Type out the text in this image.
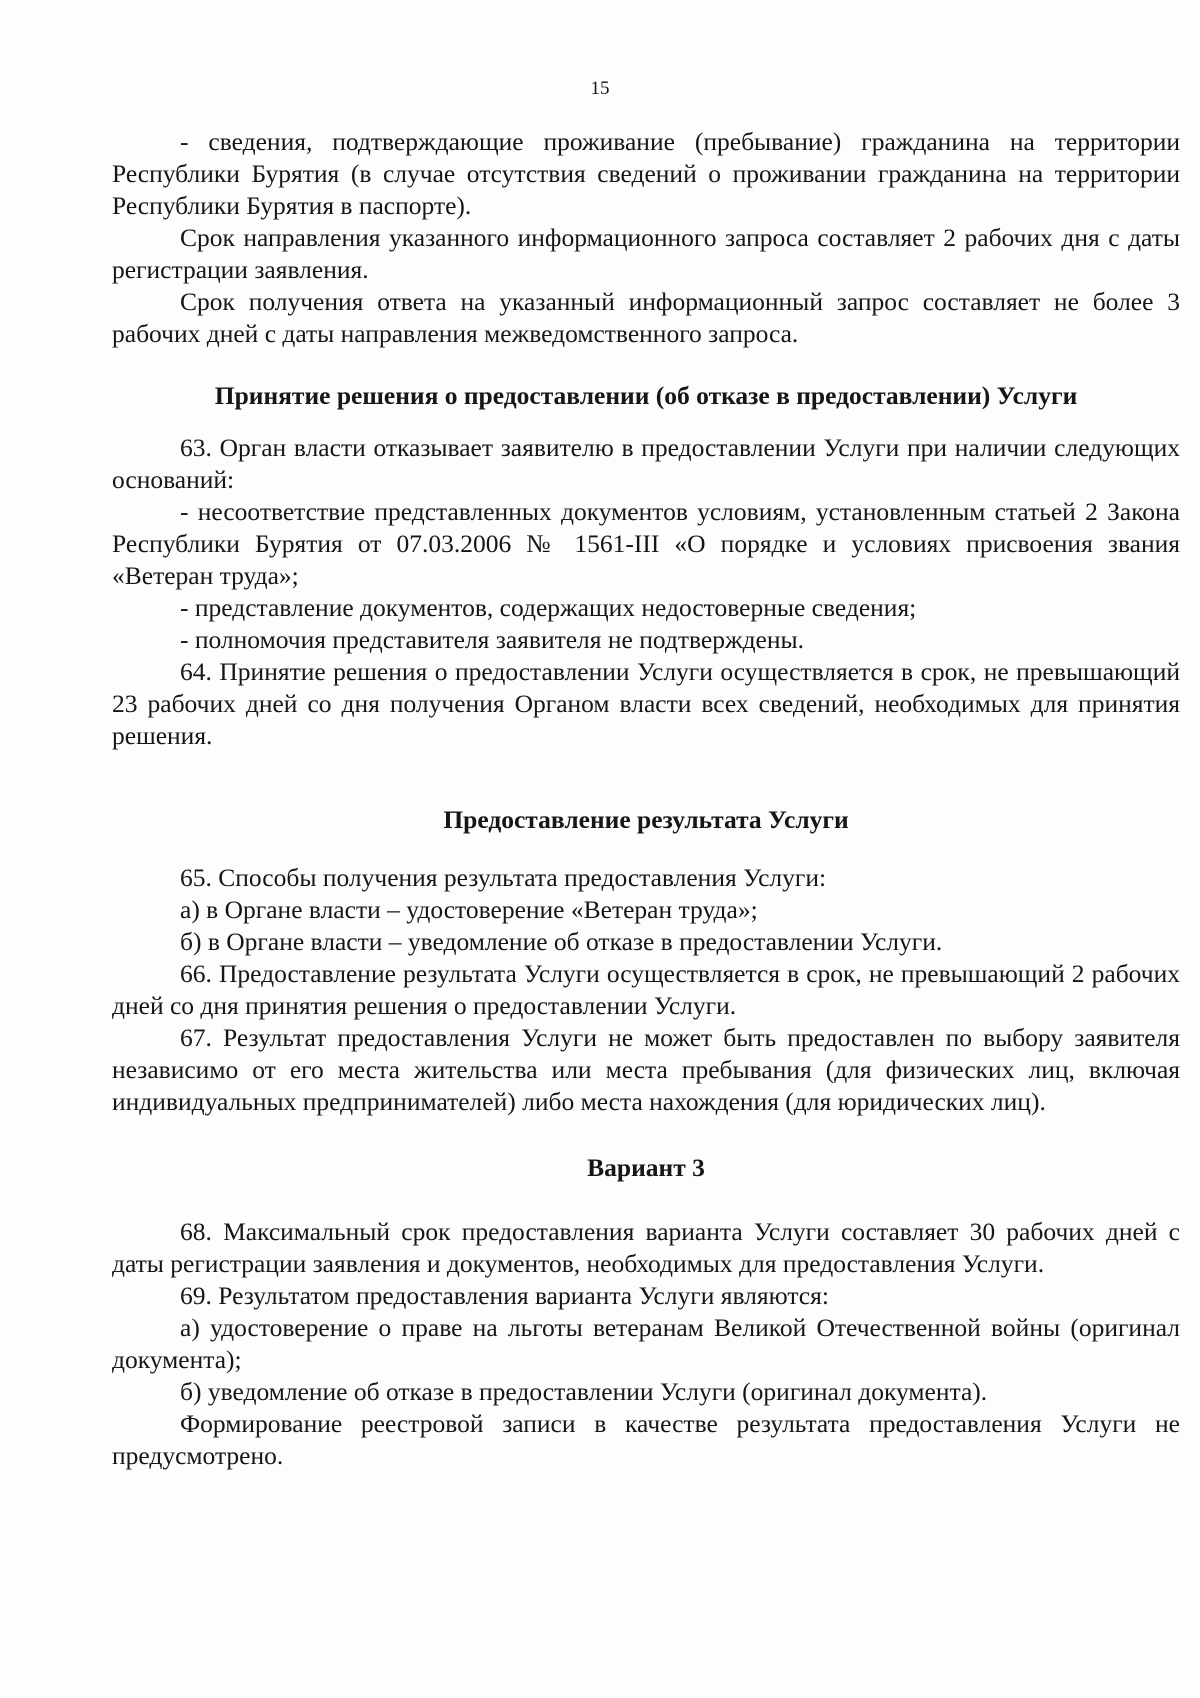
15

- сведения, подтверждающие проживание (пребывание) гражданина на территории Республики Бурятия (в случае отсутствия сведений о проживании гражданина на территории Республики Бурятия в паспорте).

Срок направления указанного информационного запроса составляет 2 рабочих дня с даты регистрации заявления.

Срок получения ответа на указанный информационный запрос составляет не более 3 рабочих дней с даты направления межведомственного запроса.

Принятие решения о предоставлении (об отказе в предоставлении) Услуги

63. Орган власти отказывает заявителю в предоставлении Услуги при наличии следующих оснований:

- несоответствие представленных документов условиям, установленным статьей 2 Закона Республики Бурятия от 07.03.2006 № 1561-III «О порядке и условиях присвоения звания «Ветеран труда»;

- представление документов, содержащих недостоверные сведения;

- полномочия представителя заявителя не подтверждены.

64. Принятие решения о предоставлении Услуги осуществляется в срок, не превышающий 23 рабочих дней со дня получения Органом власти всех сведений, необходимых для принятия решения.

Предоставление результата Услуги

65. Способы получения результата предоставления Услуги:

а) в Органе власти – удостоверение «Ветеран труда»;

б) в Органе власти – уведомление об отказе в предоставлении Услуги.

66. Предоставление результата Услуги осуществляется в срок, не превышающий 2 рабочих дней со дня принятия решения о предоставлении Услуги.

67. Результат предоставления Услуги не может быть предоставлен по выбору заявителя независимо от его места жительства или места пребывания (для физических лиц, включая индивидуальных предпринимателей) либо места нахождения (для юридических лиц).

Вариант 3

68. Максимальный срок предоставления варианта Услуги составляет 30 рабочих дней с даты регистрации заявления и документов, необходимых для предоставления Услуги.

69. Результатом предоставления варианта Услуги являются:

а) удостоверение о праве на льготы ветеранам Великой Отечественной войны (оригинал документа);

б) уведомление об отказе в предоставлении Услуги (оригинал документа).

Формирование реестровой записи в качестве результата предоставления Услуги не предусмотрено.
